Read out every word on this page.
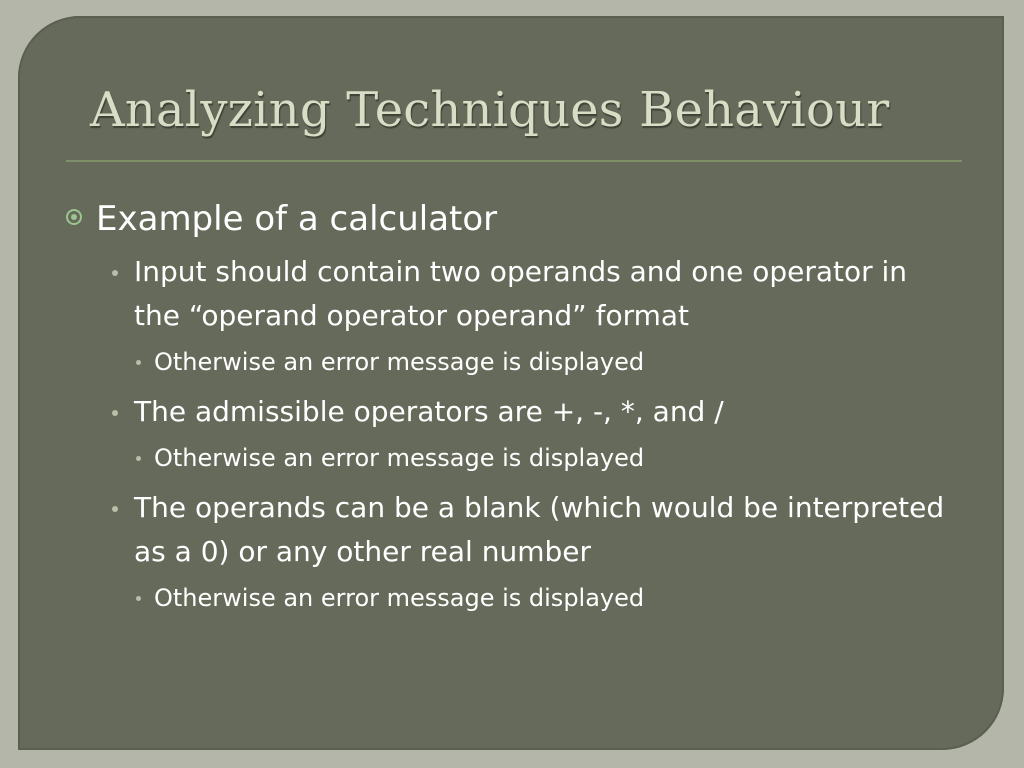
Analyzing Techniques Behaviour
Example of a calculator
Input should contain two operands and one operator in the “operand operator operand” format
Otherwise an error message is displayed
The admissible operators are +, -, *, and /
Otherwise an error message is displayed
The operands can be a blank (which would be interpreted as a 0) or any other real number
Otherwise an error message is displayed
